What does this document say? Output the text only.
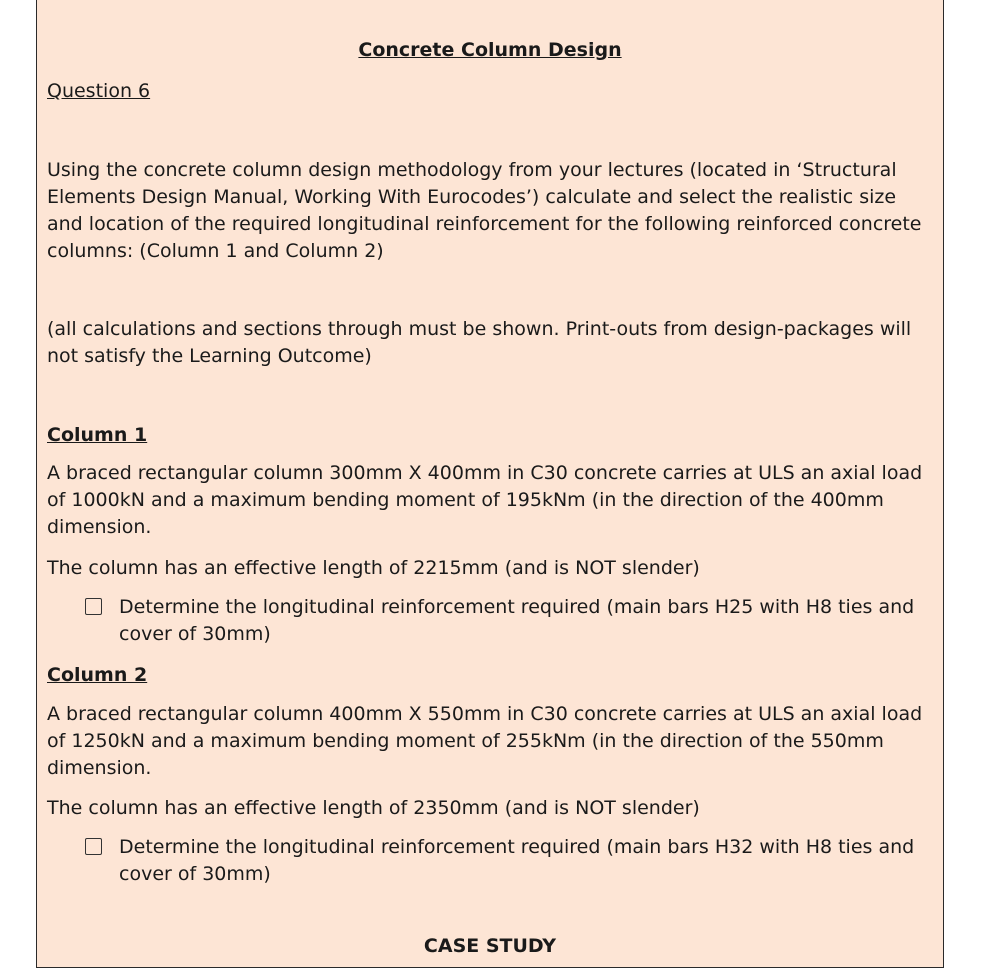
Concrete Column Design
Question 6

Using the concrete column design methodology from your lectures (located in ‘Structural Elements Design Manual, Working With Eurocodes’) calculate and select the realistic size and location of the required longitudinal reinforcement for the following reinforced concrete columns: (Column 1 and Column 2)

(all calculations and sections through must be shown. Print-outs from design-packages will not satisfy the Learning Outcome)

Column 1

A braced rectangular column 300mm X 400mm in C30 concrete carries at ULS an axial load of 1000kN and a maximum bending moment of 195kNm (in the direction of the 400mm dimension.

The column has an effective length of 2215mm (and is NOT slender)

Determine the longitudinal reinforcement required (main bars H25 with H8 ties and cover of 30mm)

Column 2

A braced rectangular column 400mm X 550mm in C30 concrete carries at ULS an axial load of 1250kN and a maximum bending moment of 255kNm (in the direction of the 550mm dimension.

The column has an effective length of 2350mm (and is NOT slender)

Determine the longitudinal reinforcement required (main bars H32 with H8 ties and cover of 30mm)

CASE STUDY
